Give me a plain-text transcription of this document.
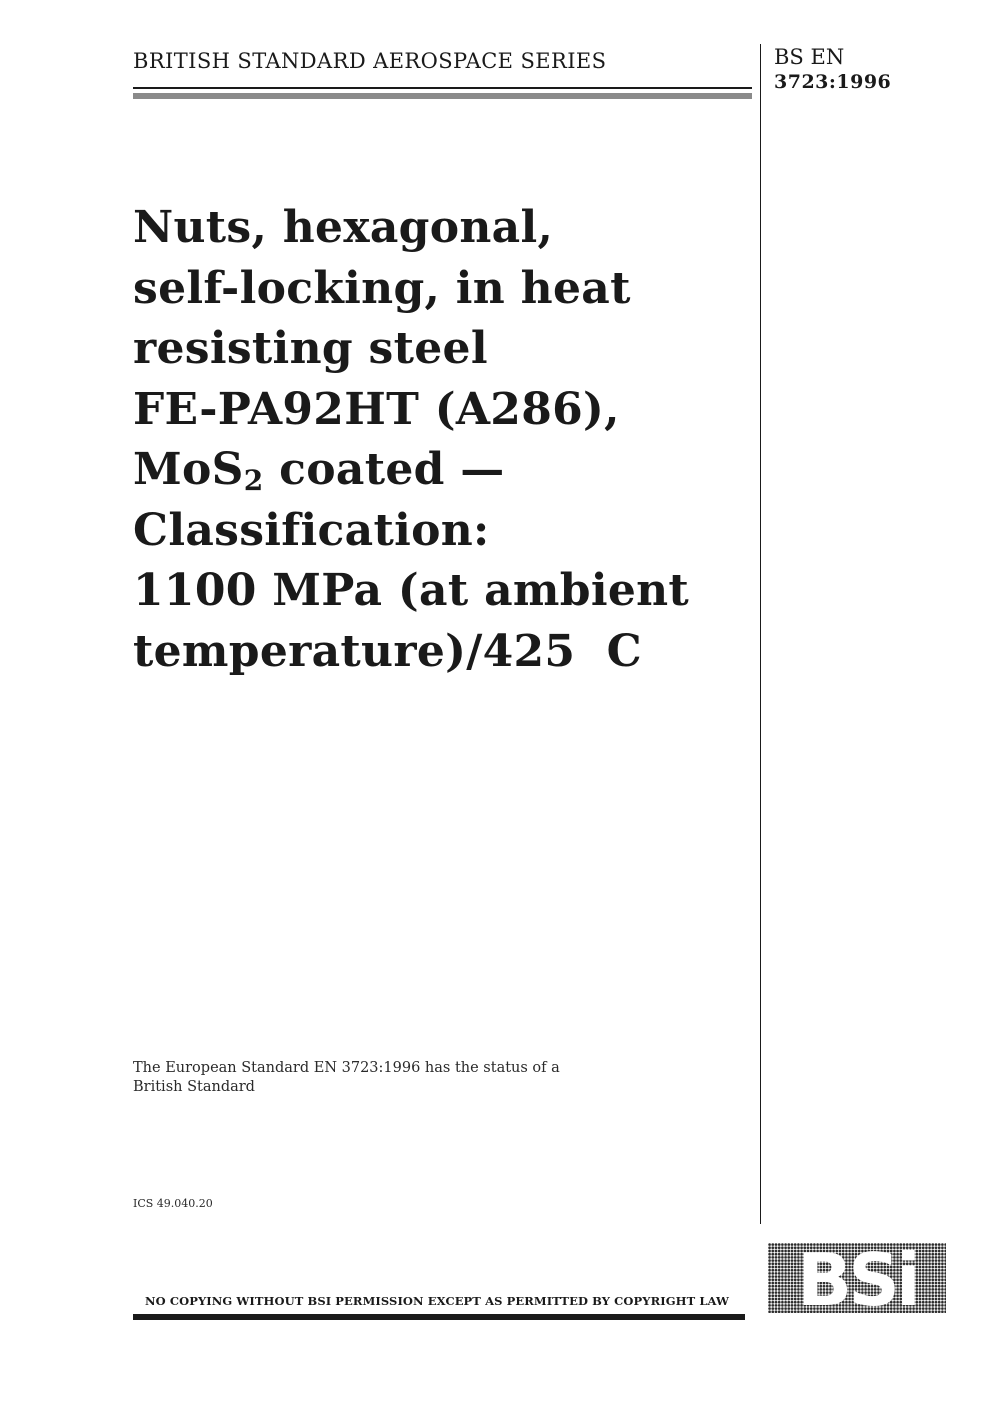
BRITISH STANDARD AEROSPACE SERIES	BS EN
3723:1996
Nuts, hexagonal,
self-locking, in heat
resisting steel
FE-PA92HT (A286),
MoS$_2$ coated —
Classification:
1100 MPa (at ambient
temperature)/425  C
The European Standard EN 3723:1996 has the status of a
British Standard
ICS 49.040.20
NO COPYING WITHOUT BSI PERMISSION EXCEPT AS PERMITTED BY COPYRIGHT LAW BSi
